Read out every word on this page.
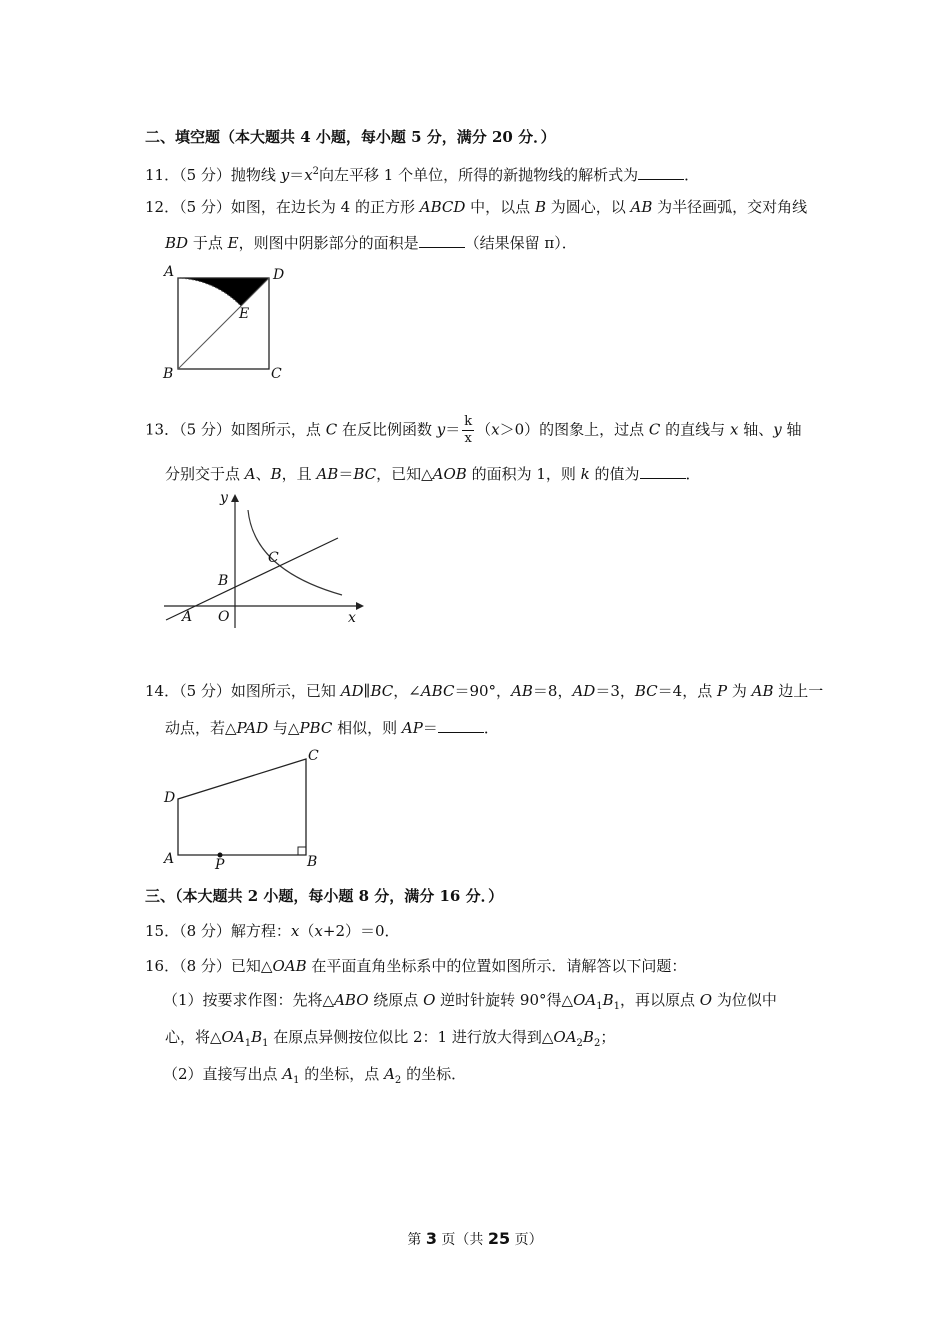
二、填空题（本大题共 4 小题，每小题 5 分，满分 20 分．）
11．（5 分）抛物线 $y=x^2$向左平移 1 个单位，所得的新抛物线的解析式为	．
12．（5 分）如图，在边长为 4 的正方形 ABCD 中，以点 B 为圆心，以 AB 为半径画弧，交对角线
BD 于点 E，则图中阴影部分的面积是	（结果保留 π）．
A	D
E
B	C
13．（5 分）如图所示，点 C 在反比例函数 $y= \frac{k}{x} (x>0)$的图象上，过点 C 的直线与 x 轴、y 轴
分别交于点 A、B，且 AB＝BC，已知△AOB 的面积为 1，则 k 的值为	．
y
x
C
B
A O
14．（5 分）如图所示，已知 AD∥BC，∠ABC＝90°，AB＝8，AD＝3，BC＝4，点 P 为 AB 边上一
动点，若△PAD 与△PBC 相似，则 AP＝	．
C
D
A	P	B
三、（本大题共 2 小题，每小题 8 分，满分 16 分．）
15．（8 分）解方程：x（x+2）＝0．
16．（8 分）已知△OAB 在平面直角坐标系中的位置如图所示．请解答以下问题：
（1）按要求作图：先将△ABO 绕原点 O 逆时针旋转 90°得$\triangle OA_1B_1$，再以原点 O 为位似中
心，将$\triangle OA_1B_1$ 在原点异侧按位似比 2：1 进行放大得到$\triangle OA_2B_2$；
（2）直接写出点 $A_1$ 的坐标，点 $A_2$ 的坐标．
第 3 页（共 25 页）
